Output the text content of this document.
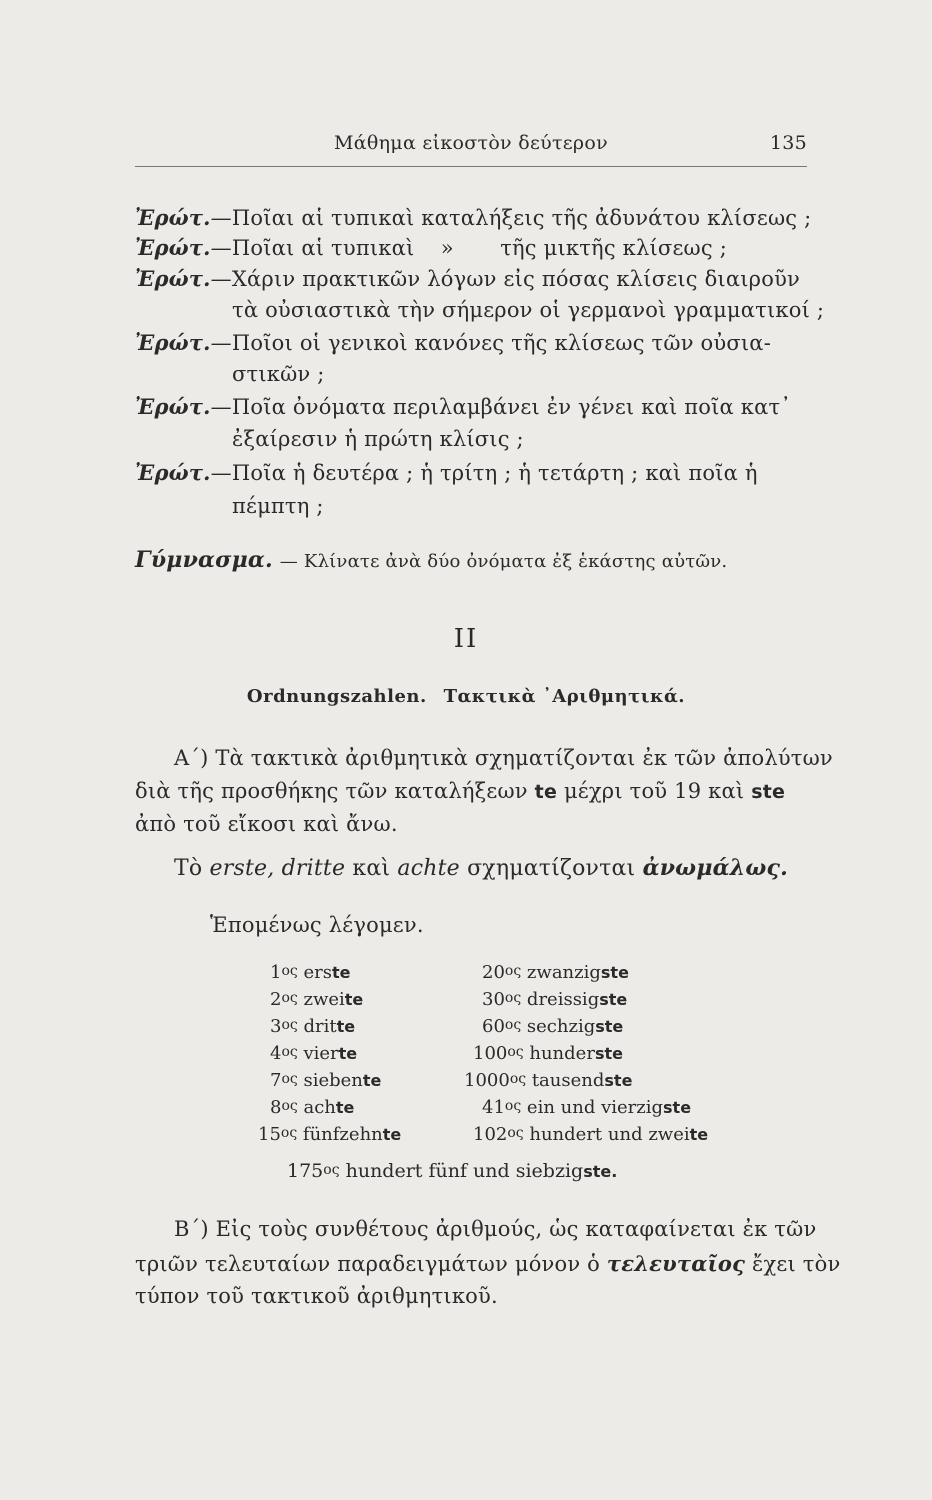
Μάθημα εἰκοστὸν δεύτερον	135
Ἐρώτ.—Ποῖαι αἱ τυπικαὶ καταλήξεις τῆς ἀδυνάτου κλίσεως ;
Ἐρώτ.—Ποῖαι αἱ τυπικαὶ » τῆς μικτῆς κλίσεως ;
Ἐρώτ.—Χάριν πρακτικῶν λόγων εἰς πόσας κλίσεις διαιροῦν
τὰ οὐσιαστικὰ τὴν σήμερον οἱ γερμανοὶ γραμματικοί ;
Ἐρώτ.—Ποῖοι οἱ γενικοὶ κανόνες τῆς κλίσεως τῶν οὐσια-
στικῶν ;
Ἐρώτ.—Ποῖα ὀνόματα περιλαμβάνει ἐν γένει καὶ ποῖα κατ᾽
ἐξαίρεσιν ἡ πρώτη κλίσις ;
Ἐρώτ.—Ποῖα ἡ δευτέρα ; ἡ τρίτη ; ἡ τετάρτη ; καὶ ποῖα ἡ
πέμπτη ;
Γύμνασμα. — Κλίνατε ἀνὰ δύο ὀνόματα ἐξ ἑκάστης αὐτῶν.
II
Ordnungszahlen. Τακτικὰ ᾽Αριθμητικά.
Α΄) Τὰ τακτικὰ ἀριθμητικὰ σχηματίζονται ἐκ τῶν ἀπολύτων
διὰ τῆς προσθήκης τῶν καταλήξεων te μέχρι τοῦ 19 καὶ ste
ἀπὸ τοῦ εἴκοσι καὶ ἄνω.
Τὸ erste, dritte καὶ achte σχηματίζονται ἀνωμάλως.
Ἑπομένως λέγομεν.
1ος erste
2ος zweite
3ος dritte
4ος vierte
7ος siebente
8ος achte
15ος fünfzehnte
20ος zwanzigste
30ος dreissigste
60ος sechzigste
100ος hunderste
1000ος tausendste
41ος ein und vierzigste
102ος hundert und zweite
175ος hundert fünf und siebzigste.
Β΄) Εἰς τοὺς συνθέτους ἀριθμούς, ὡς καταφαίνεται ἐκ τῶν
τριῶν τελευταίων παραδειγμάτων μόνον ὁ τελευταῖος ἔχει τὸν
τύπον τοῦ τακτικοῦ ἀριθμητικοῦ.
